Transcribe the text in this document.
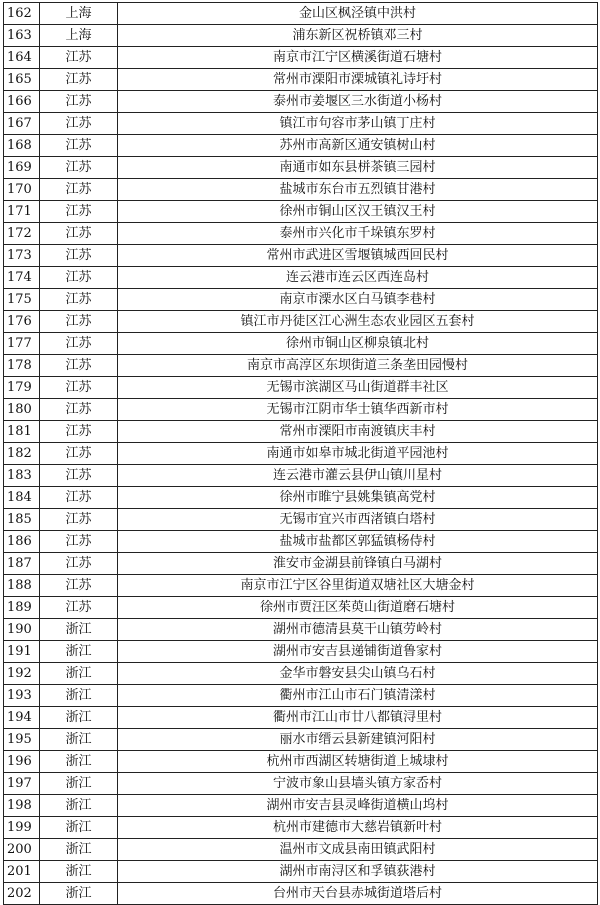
162	上海	金山区枫泾镇中洪村
163	上海	浦东新区祝桥镇邓三村
164	江苏	南京市江宁区横溪街道石塘村
165	江苏	常州市溧阳市溧城镇礼诗圩村
166	江苏	泰州市姜堰区三水街道小杨村
167	江苏	镇江市句容市茅山镇丁庄村
168	江苏	苏州市高新区通安镇树山村
169	江苏	南通市如东县栟茶镇三园村
170	江苏	盐城市东台市五烈镇甘港村
171	江苏	徐州市铜山区汉王镇汉王村
172	江苏	泰州市兴化市千垛镇东罗村
173	江苏	常州市武进区雪堰镇城西回民村
174	江苏	连云港市连云区西连岛村
175	江苏	南京市溧水区白马镇李巷村
176	江苏	镇江市丹徒区江心洲生态农业园区五套村
177	江苏	徐州市铜山区柳泉镇北村
178	江苏	南京市高淳区东坝街道三条垄田园慢村
179	江苏	无锡市滨湖区马山街道群丰社区
180	江苏	无锡市江阴市华士镇华西新市村
181	江苏	常州市溧阳市南渡镇庆丰村
182	江苏	南通市如皋市城北街道平园池村
183	江苏	连云港市灌云县伊山镇川星村
184	江苏	徐州市睢宁县姚集镇高党村
185	江苏	无锡市宜兴市西渚镇白塔村
186	江苏	盐城市盐都区郭猛镇杨侍村
187	江苏	淮安市金湖县前锋镇白马湖村
188	江苏	南京市江宁区谷里街道双塘社区大塘金村
189	江苏	徐州市贾汪区茱萸山街道磨石塘村
190	浙江	湖州市德清县莫干山镇劳岭村
191	浙江	湖州市安吉县递铺街道鲁家村
192	浙江	金华市磐安县尖山镇乌石村
193	浙江	衢州市江山市石门镇清漾村
194	浙江	衢州市江山市廿八都镇浔里村
195	浙江	丽水市缙云县新建镇河阳村
196	浙江	杭州市西湖区转塘街道上城埭村
197	浙江	宁波市象山县墙头镇方家岙村
198	浙江	湖州市安吉县灵峰街道横山坞村
199	浙江	杭州市建德市大慈岩镇新叶村
200	浙江	温州市文成县南田镇武阳村
201	浙江	湖州市南浔区和孚镇荻港村
202	浙江	台州市天台县赤城街道塔后村
